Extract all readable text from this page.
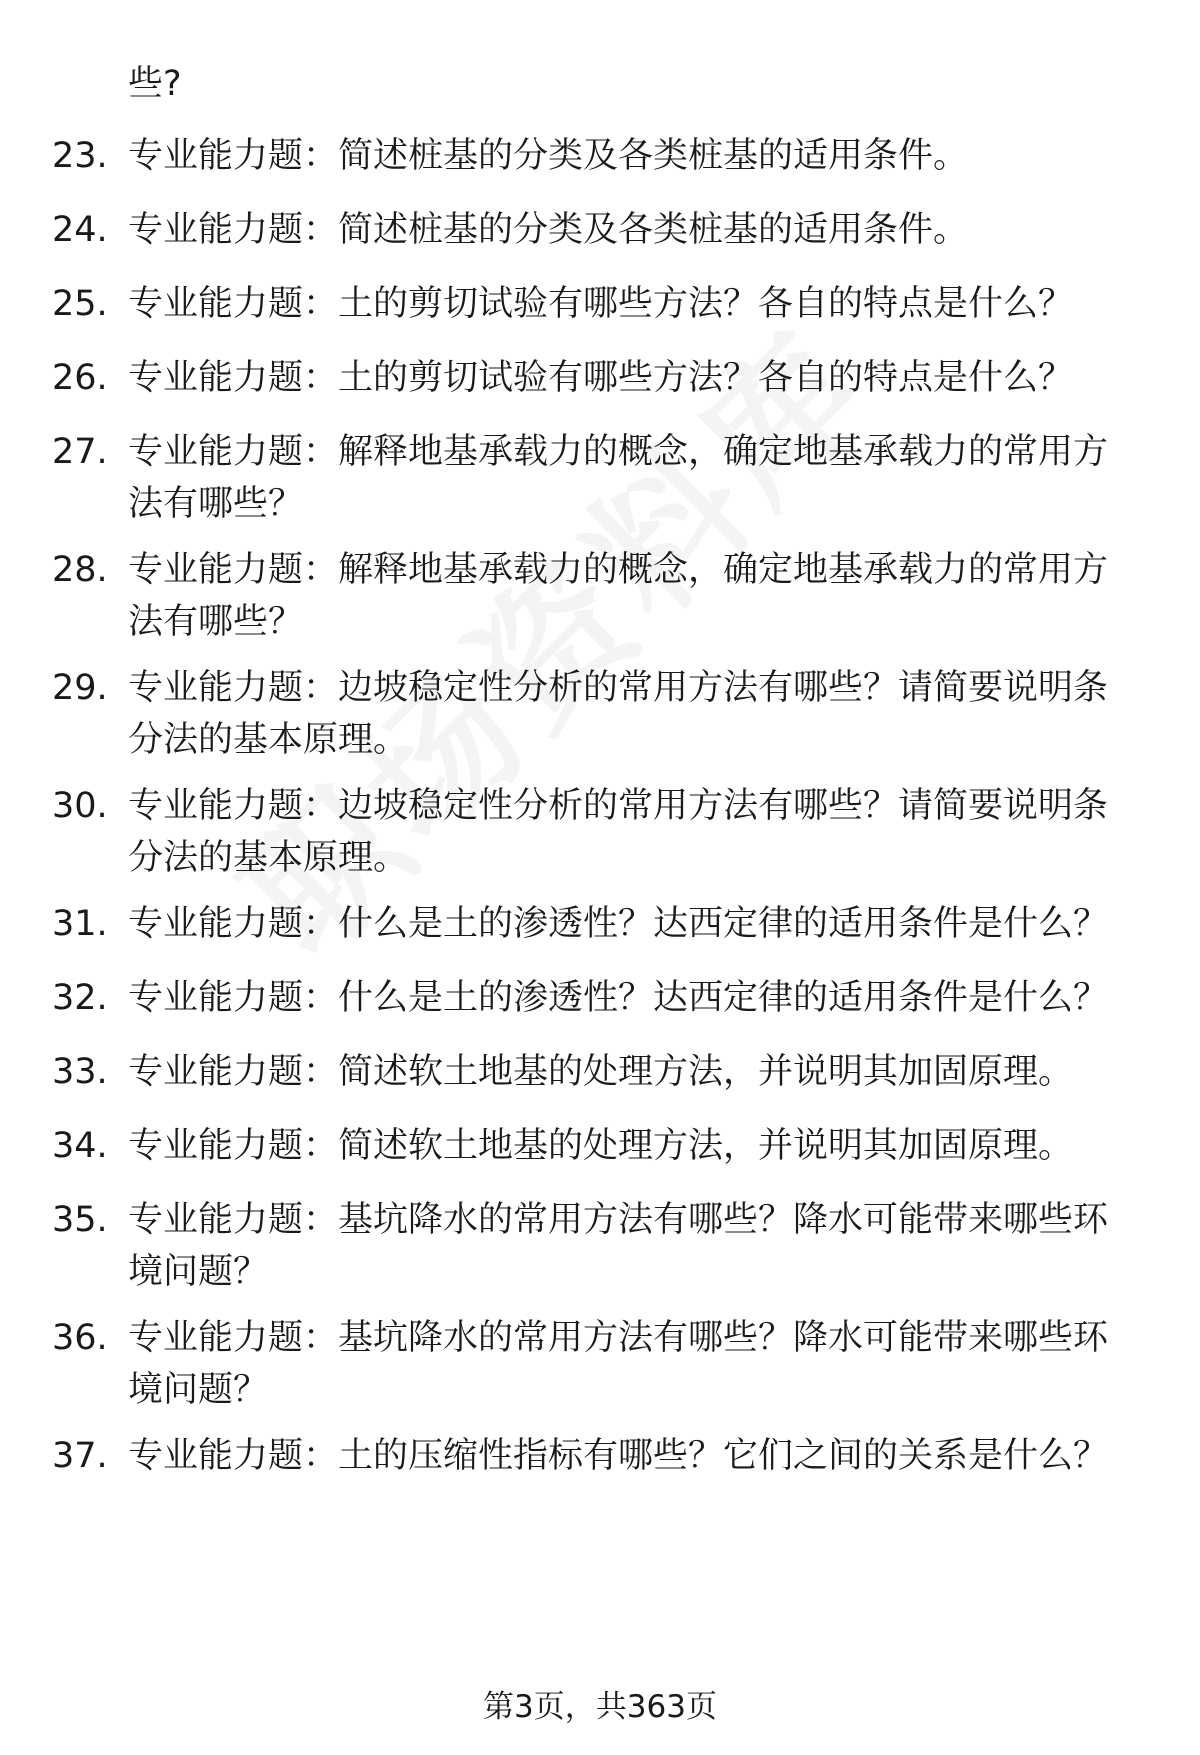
些?
23. 专业能力题：简述桩基的分类及各类桩基的适用条件。
24. 专业能力题：简述桩基的分类及各类桩基的适用条件。
25. 专业能力题：土的剪切试验有哪些方法？各自的特点是什么？
26. 专业能力题：土的剪切试验有哪些方法？各自的特点是什么？
27. 专业能力题：解释地基承载力的概念，确定地基承载力的常用方法有哪些？
28. 专业能力题：解释地基承载力的概念，确定地基承载力的常用方法有哪些？
29. 专业能力题：边坡稳定性分析的常用方法有哪些？请简要说明条分法的基本原理。
30. 专业能力题：边坡稳定性分析的常用方法有哪些？请简要说明条分法的基本原理。
31. 专业能力题：什么是土的渗透性？达西定律的适用条件是什么？
32. 专业能力题：什么是土的渗透性？达西定律的适用条件是什么？
33. 专业能力题：简述软土地基的处理方法，并说明其加固原理。
34. 专业能力题：简述软土地基的处理方法，并说明其加固原理。
35. 专业能力题：基坑降水的常用方法有哪些？降水可能带来哪些环境问题？
36. 专业能力题：基坑降水的常用方法有哪些？降水可能带来哪些环境问题？
37. 专业能力题：土的压缩性指标有哪些？它们之间的关系是什么？
第3页，共363页
